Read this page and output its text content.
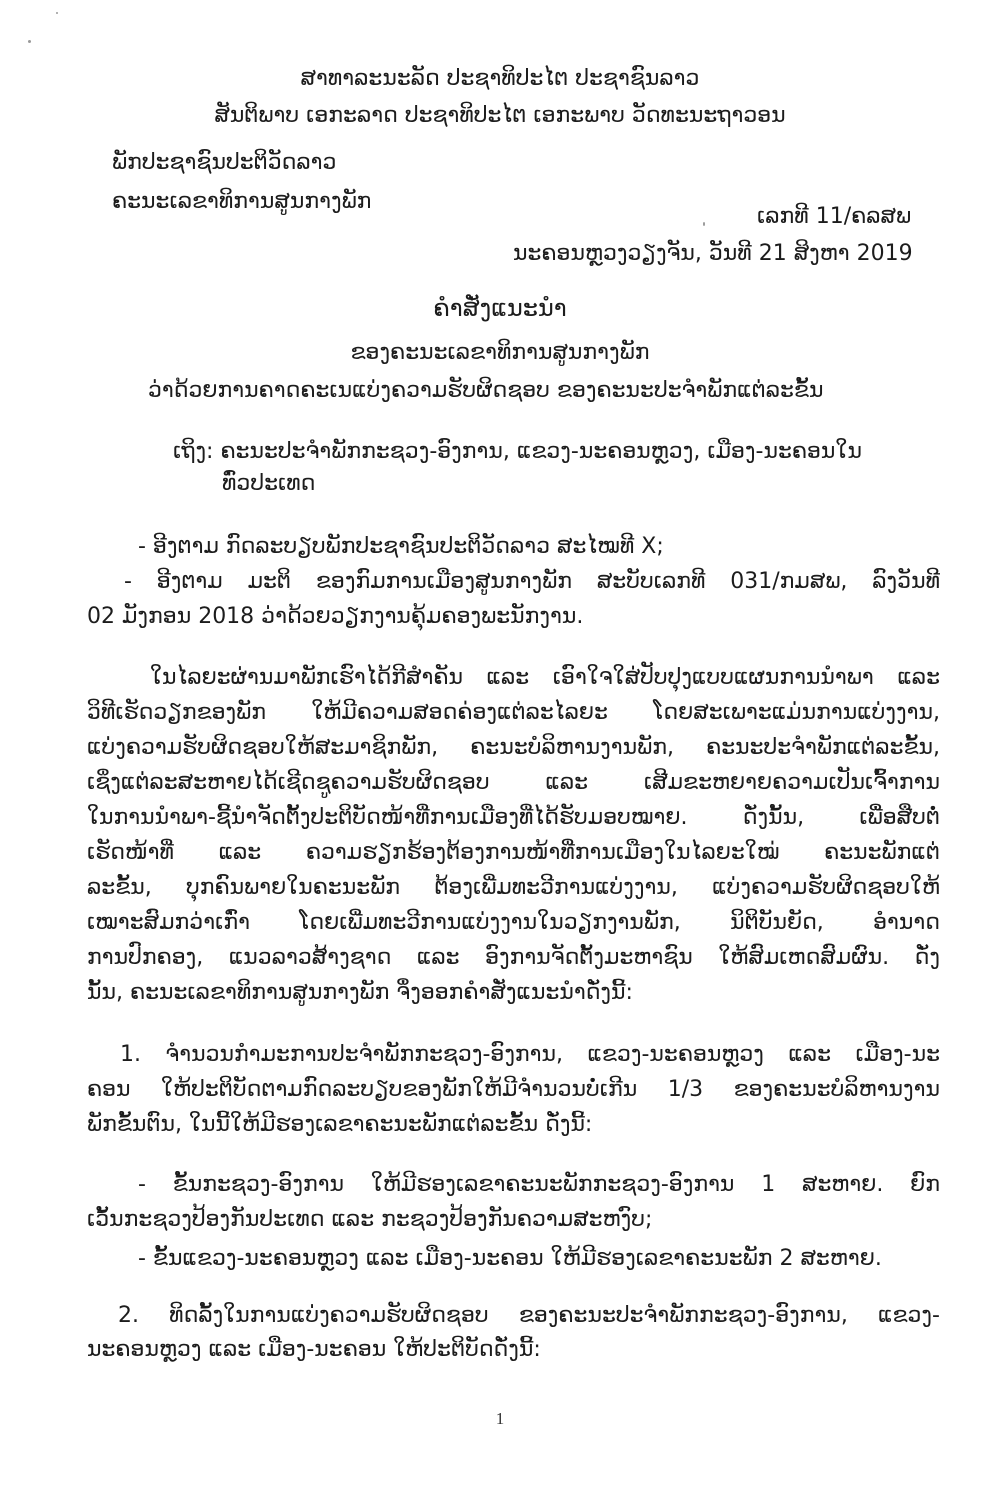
ສາທາລະນະລັດ ປະຊາທິປະໄຕ ປະຊາຊົນລາວ
ສັນຕິພາບ ເອກະລາດ ປະຊາທິປະໄຕ ເອກະພາບ ວັດທະນະຖາວອນ
ພັກປະຊາຊົນປະຕິວັດລາວ
ຄະນະເລຂາທິການສູນກາງພັກ
ເລກທີ 11/ຄລສພ
ນະຄອນຫຼວງວຽງຈັນ, ວັນທີ 21 ສິງຫາ 2019
ຄຳສັ່ງແນະນຳ
ຂອງຄະນະເລຂາທິການສູນກາງພັກ
ວ່າດ້ວຍການຄາດຄະເນແບ່ງຄວາມຮັບຜິດຊອບ ຂອງຄະນະປະຈຳພັກແຕ່ລະຂັ້ນ
ເຖິງ: ຄະນະປະຈຳພັກກະຊວງ-ອົງການ, ແຂວງ-ນະຄອນຫຼວງ, ເມືອງ-ນະຄອນໃນ
ທົ່ວປະເທດ
- ອີງຕາມ ກົດລະບຽບພັກປະຊາຊົນປະຕິວັດລາວ ສະໄໝທີ X;
- ອີງຕາມ ມະຕິ ຂອງກົມການເມືອງສູນກາງພັກ ສະບັບເລກທີ 031/ກມສພ, ລົງວັນທີ
02 ມັງກອນ 2018 ວ່າດ້ວຍວຽກງານຄຸ້ມຄອງພະນັກງານ.
ໃນໄລຍະຜ່ານມາພັກເຮົາໄດ້ກີສຳຄັນ ແລະ ເອົາໃຈໃສ່ປັບປຸງແບບແຜນການນຳພາ ແລະ
ວິທີເຮັດວຽກຂອງພັກ ໃຫ້ມີຄວາມສອດຄ່ອງແຕ່ລະໄລຍະ ໂດຍສະເພາະແມ່ນການແບ່ງງານ,
ແບ່ງຄວາມຮັບຜິດຊອບໃຫ້ສະມາຊິກພັກ, ຄະນະບໍລິຫານງານພັກ, ຄະນະປະຈຳພັກແຕ່ລະຂັ້ນ,
ເຊິ່ງແຕ່ລະສະຫາຍໄດ້ເຊີດຊູຄວາມຮັບຜິດຊອບ ແລະ ເສີມຂະຫຍາຍຄວາມເປັນເຈົ້າການ
ໃນການນຳພາ-ຊີ້ນຳຈັດຕັ້ງປະຕິບັດໜ້າທີ່ການເມືອງທີ່ໄດ້ຮັບມອບໝາຍ. ດັ່ງນັ້ນ, ເພື່ອສືບຕໍ່
ເຮັດໜ້າທີ່ ແລະ ຄວາມຮຽກຮ້ອງຕ້ອງການໜ້າທີ່ການເມືອງໃນໄລຍະໃໝ່ ຄະນະພັກແຕ່
ລະຂັ້ນ, ບຸກຄົນພາຍໃນຄະນະພັກ ຕ້ອງເພີ່ມທະວີການແບ່ງງານ, ແບ່ງຄວາມຮັບຜິດຊອບໃຫ້
ເໝາະສົມກວ່າເກົ່າ ໂດຍເພີ່ມທະວີການແບ່ງງານໃນວຽກງານພັກ, ນິຕິບັນຍັດ, ອຳນາດ
ການປົກຄອງ, ແນວລາວສ້າງຊາດ ແລະ ອົງການຈັດຕັ້ງມະຫາຊົນ ໃຫ້ສົມເຫດສົມຜົນ. ດັ່ງ
ນັ້ນ, ຄະນະເລຂາທິການສູນກາງພັກ ຈຶ່ງອອກຄຳສັ່ງແນະນຳດັ່ງນີ້:
1. ຈຳນວນກຳມະການປະຈຳພັກກະຊວງ-ອົງການ, ແຂວງ-ນະຄອນຫຼວງ ແລະ ເມືອງ-ນະ
ຄອນ ໃຫ້ປະຕິບັດຕາມກົດລະບຽບຂອງພັກໃຫ້ມີຈຳນວນບໍ່ເກີນ 1/3 ຂອງຄະນະບໍລິຫານງານ
ພັກຂັ້ນຕົນ, ໃນນີ້ໃຫ້ມີຮອງເລຂາຄະນະພັກແຕ່ລະຂັ້ນ ດັ່ງນີ້:
- ຂັ້ນກະຊວງ-ອົງການ ໃຫ້ມີຮອງເລຂາຄະນະພັກກະຊວງ-ອົງການ 1 ສະຫາຍ. ຍົກ
ເວັ້ນກະຊວງປ້ອງກັນປະເທດ ແລະ ກະຊວງປ້ອງກັນຄວາມສະຫງົບ;
- ຂັ້ນແຂວງ-ນະຄອນຫຼວງ ແລະ ເມືອງ-ນະຄອນ ໃຫ້ມີຮອງເລຂາຄະນະພັກ 2 ສະຫາຍ.
2. ທິດລັ້ງໃນການແບ່ງຄວາມຮັບຜິດຊອບ ຂອງຄະນະປະຈຳພັກກະຊວງ-ອົງການ, ແຂວງ-
ນະຄອນຫຼວງ ແລະ ເມືອງ-ນະຄອນ ໃຫ້ປະຕິບັດດັ່ງນີ້:
1
